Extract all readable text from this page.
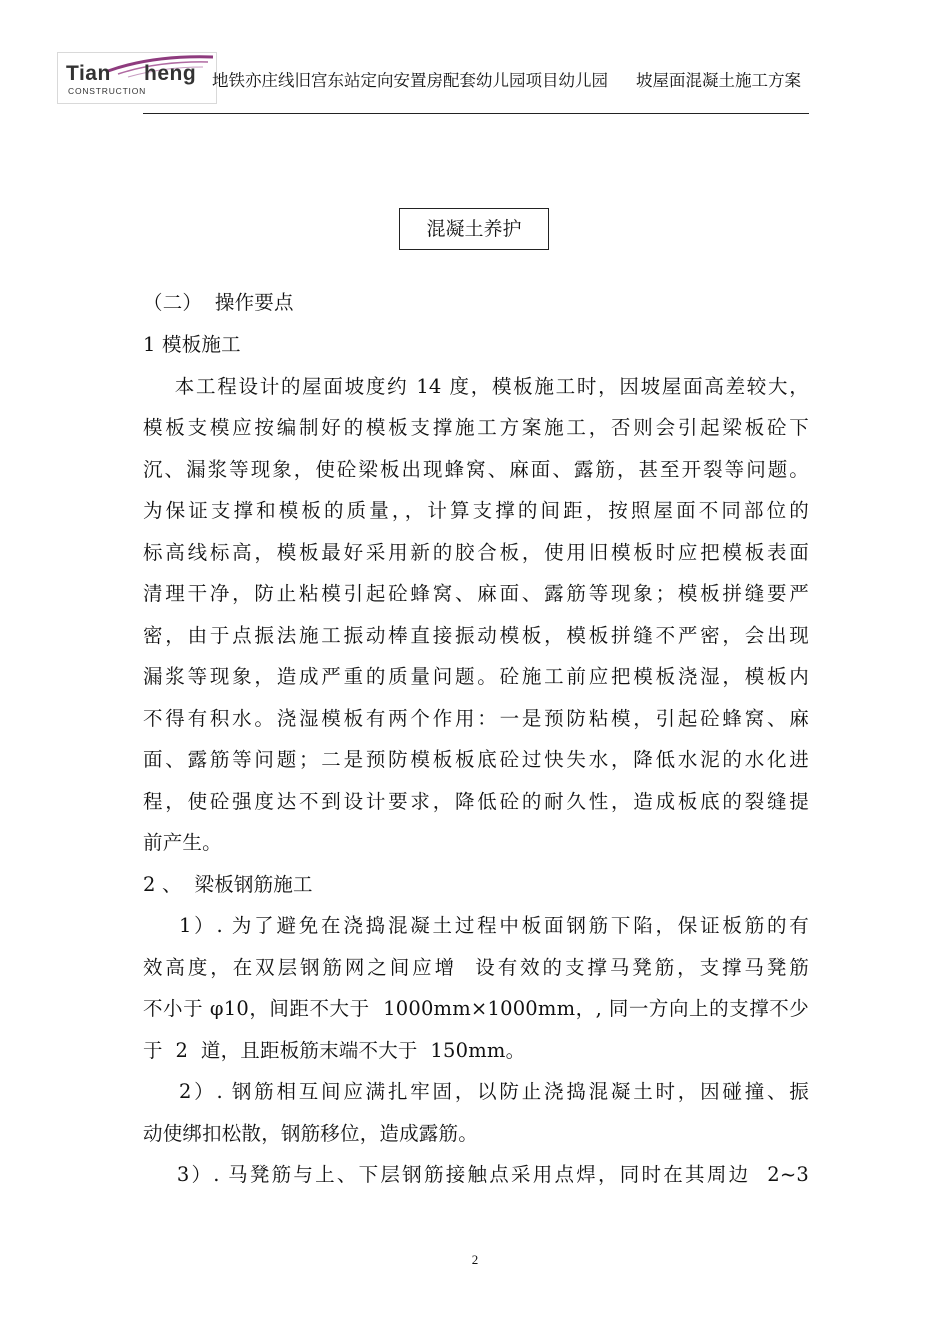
Tian heng
CONSTRUCTION
地铁亦庄线旧宫东站定向安置房配套幼儿园项目幼儿园 坡屋面混凝土施工方案
混凝土养护
（二）  操作要点
1 模板施工
本工程设计的屋面坡度约 14 度，模板施工时，因坡屋面高差较大，
模板支模应按编制好的模板支撑施工方案施工，否则会引起梁板砼下
沉、漏浆等现象，使砼梁板出现蜂窝、麻面、露筋，甚至开裂等问题。
为保证支撑和模板的质量，，计算支撑的间距，按照屋面不同部位的
标高线标高，模板最好采用新的胶合板，使用旧模板时应把模板表面
清理干净，防止粘模引起砼蜂窝、麻面、露筋等现象；模板拼缝要严
密，由于点振法施工振动棒直接振动模板，模板拼缝不严密，会出现
漏浆等现象，造成严重的质量问题。砼施工前应把模板浇湿，模板内
不得有积水。浇湿模板有两个作用：一是预防粘模，引起砼蜂窝、麻
面、露筋等问题；二是预防模板板底砼过快失水，降低水泥的水化进
程，使砼强度达不到设计要求，降低砼的耐久性，造成板底的裂缝提
前产生。
2 、  梁板钢筋施工
1）. 为了避免在浇捣混凝土过程中板面钢筋下陷，保证板筋的有
效高度，在双层钢筋网之间应增  设有效的支撑马凳筋，支撑马凳筋
不小于 φ10，间距不大于  1000mm×1000mm，, 同一方向上的支撑不少
于  2  道，且距板筋末端不大于  150mm。
2）. 钢筋相互间应满扎牢固，以防止浇捣混凝土时，因碰撞、振
动使绑扣松散，钢筋移位，造成露筋。
3）. 马凳筋与上、下层钢筋接触点采用点焊，同时在其周边  2~3
2
